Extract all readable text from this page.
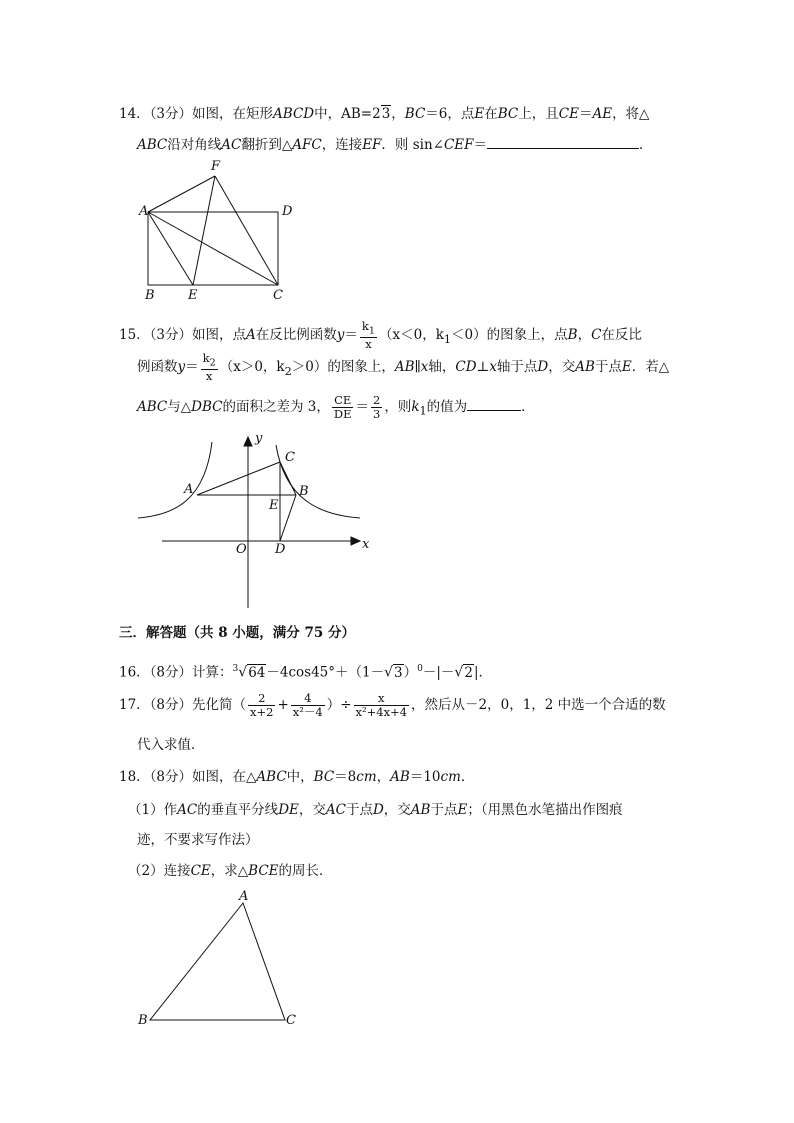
14．（3分）如图，在矩形ABCD中，AB=23，BC＝6，点E在BC上，且CE＝AE，将△
ABC沿对角线AC翻折到△AFC，连接EF．则 sin∠CEF＝	．
F
A	D
B	E	C
15．（3分）如图，点A在反比例函数$y= \frac{k_1}{x} (x<0$，$k_1<0$）的图象上，点B，C在反比
例函数$y= \frac{k_2}{x} (x>0$，$k_2>0$）的图象上，AB∥x轴，CD⊥x轴于点D，交AB于点E．若△
ABC与△DBC的面积之差为 3， $\frac{CE}{DE} = \frac{2}{3}$ ，则$k_1$的值为	．
y
x
O
A	B
C
D
E
三．解答题（共 8 小题，满分 75 分）
16．（8分）计算：$^3√64-4\cos 45^\circ+(1-√3)^0-|-√2|$．
17．（8分）先化简（ $\frac{2}{x+2} + \frac{4}{\text{x²－4}}$ ）÷ $\frac{x}{\text{x²+4x+4}}$ ，然后从－2，0，1，2 中选一个合适的数
代入求值．
18．（8分）如图，在△ABC中，BC＝8cm，AB＝10cm．
（1）作AC的垂直平分线DE，交AC于点D，交AB于点E；（用黑色水笔描出作图痕
迹，不要求写作法）
（2）连接CE，求△BCE的周长．
A
B	C
